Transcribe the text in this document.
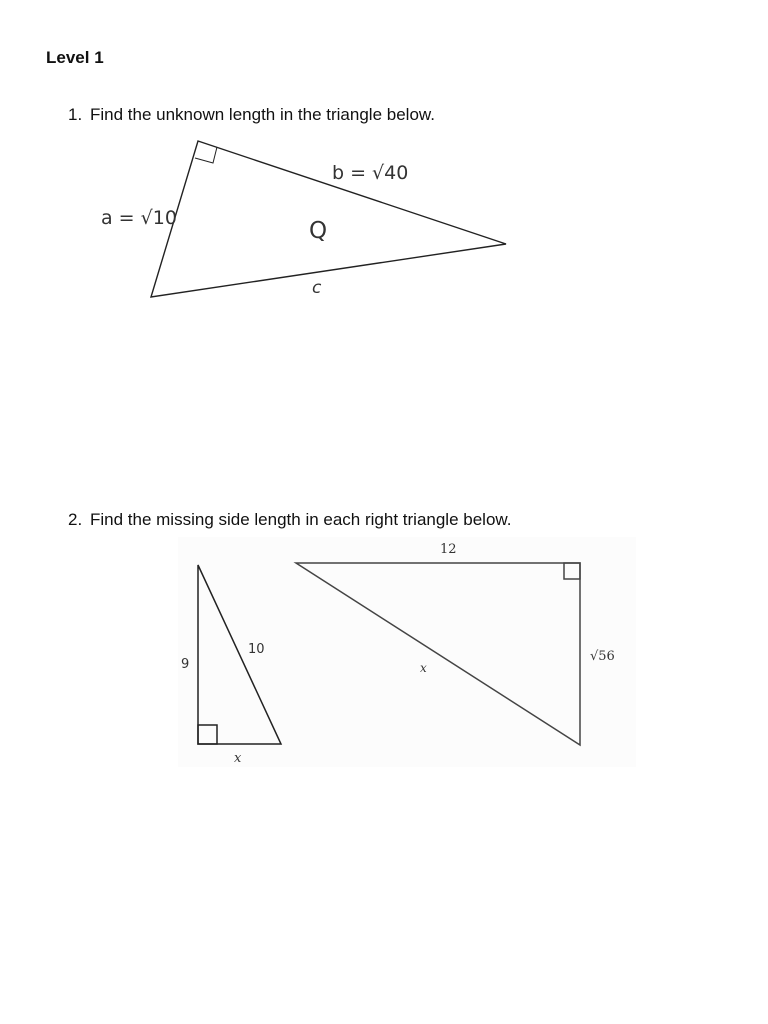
Level 1
1. Find the unknown length in the triangle below.
a = √10
b = √40
Q
c
2. Find the missing side length in each right triangle below.
9
10
x
12
x
√56
